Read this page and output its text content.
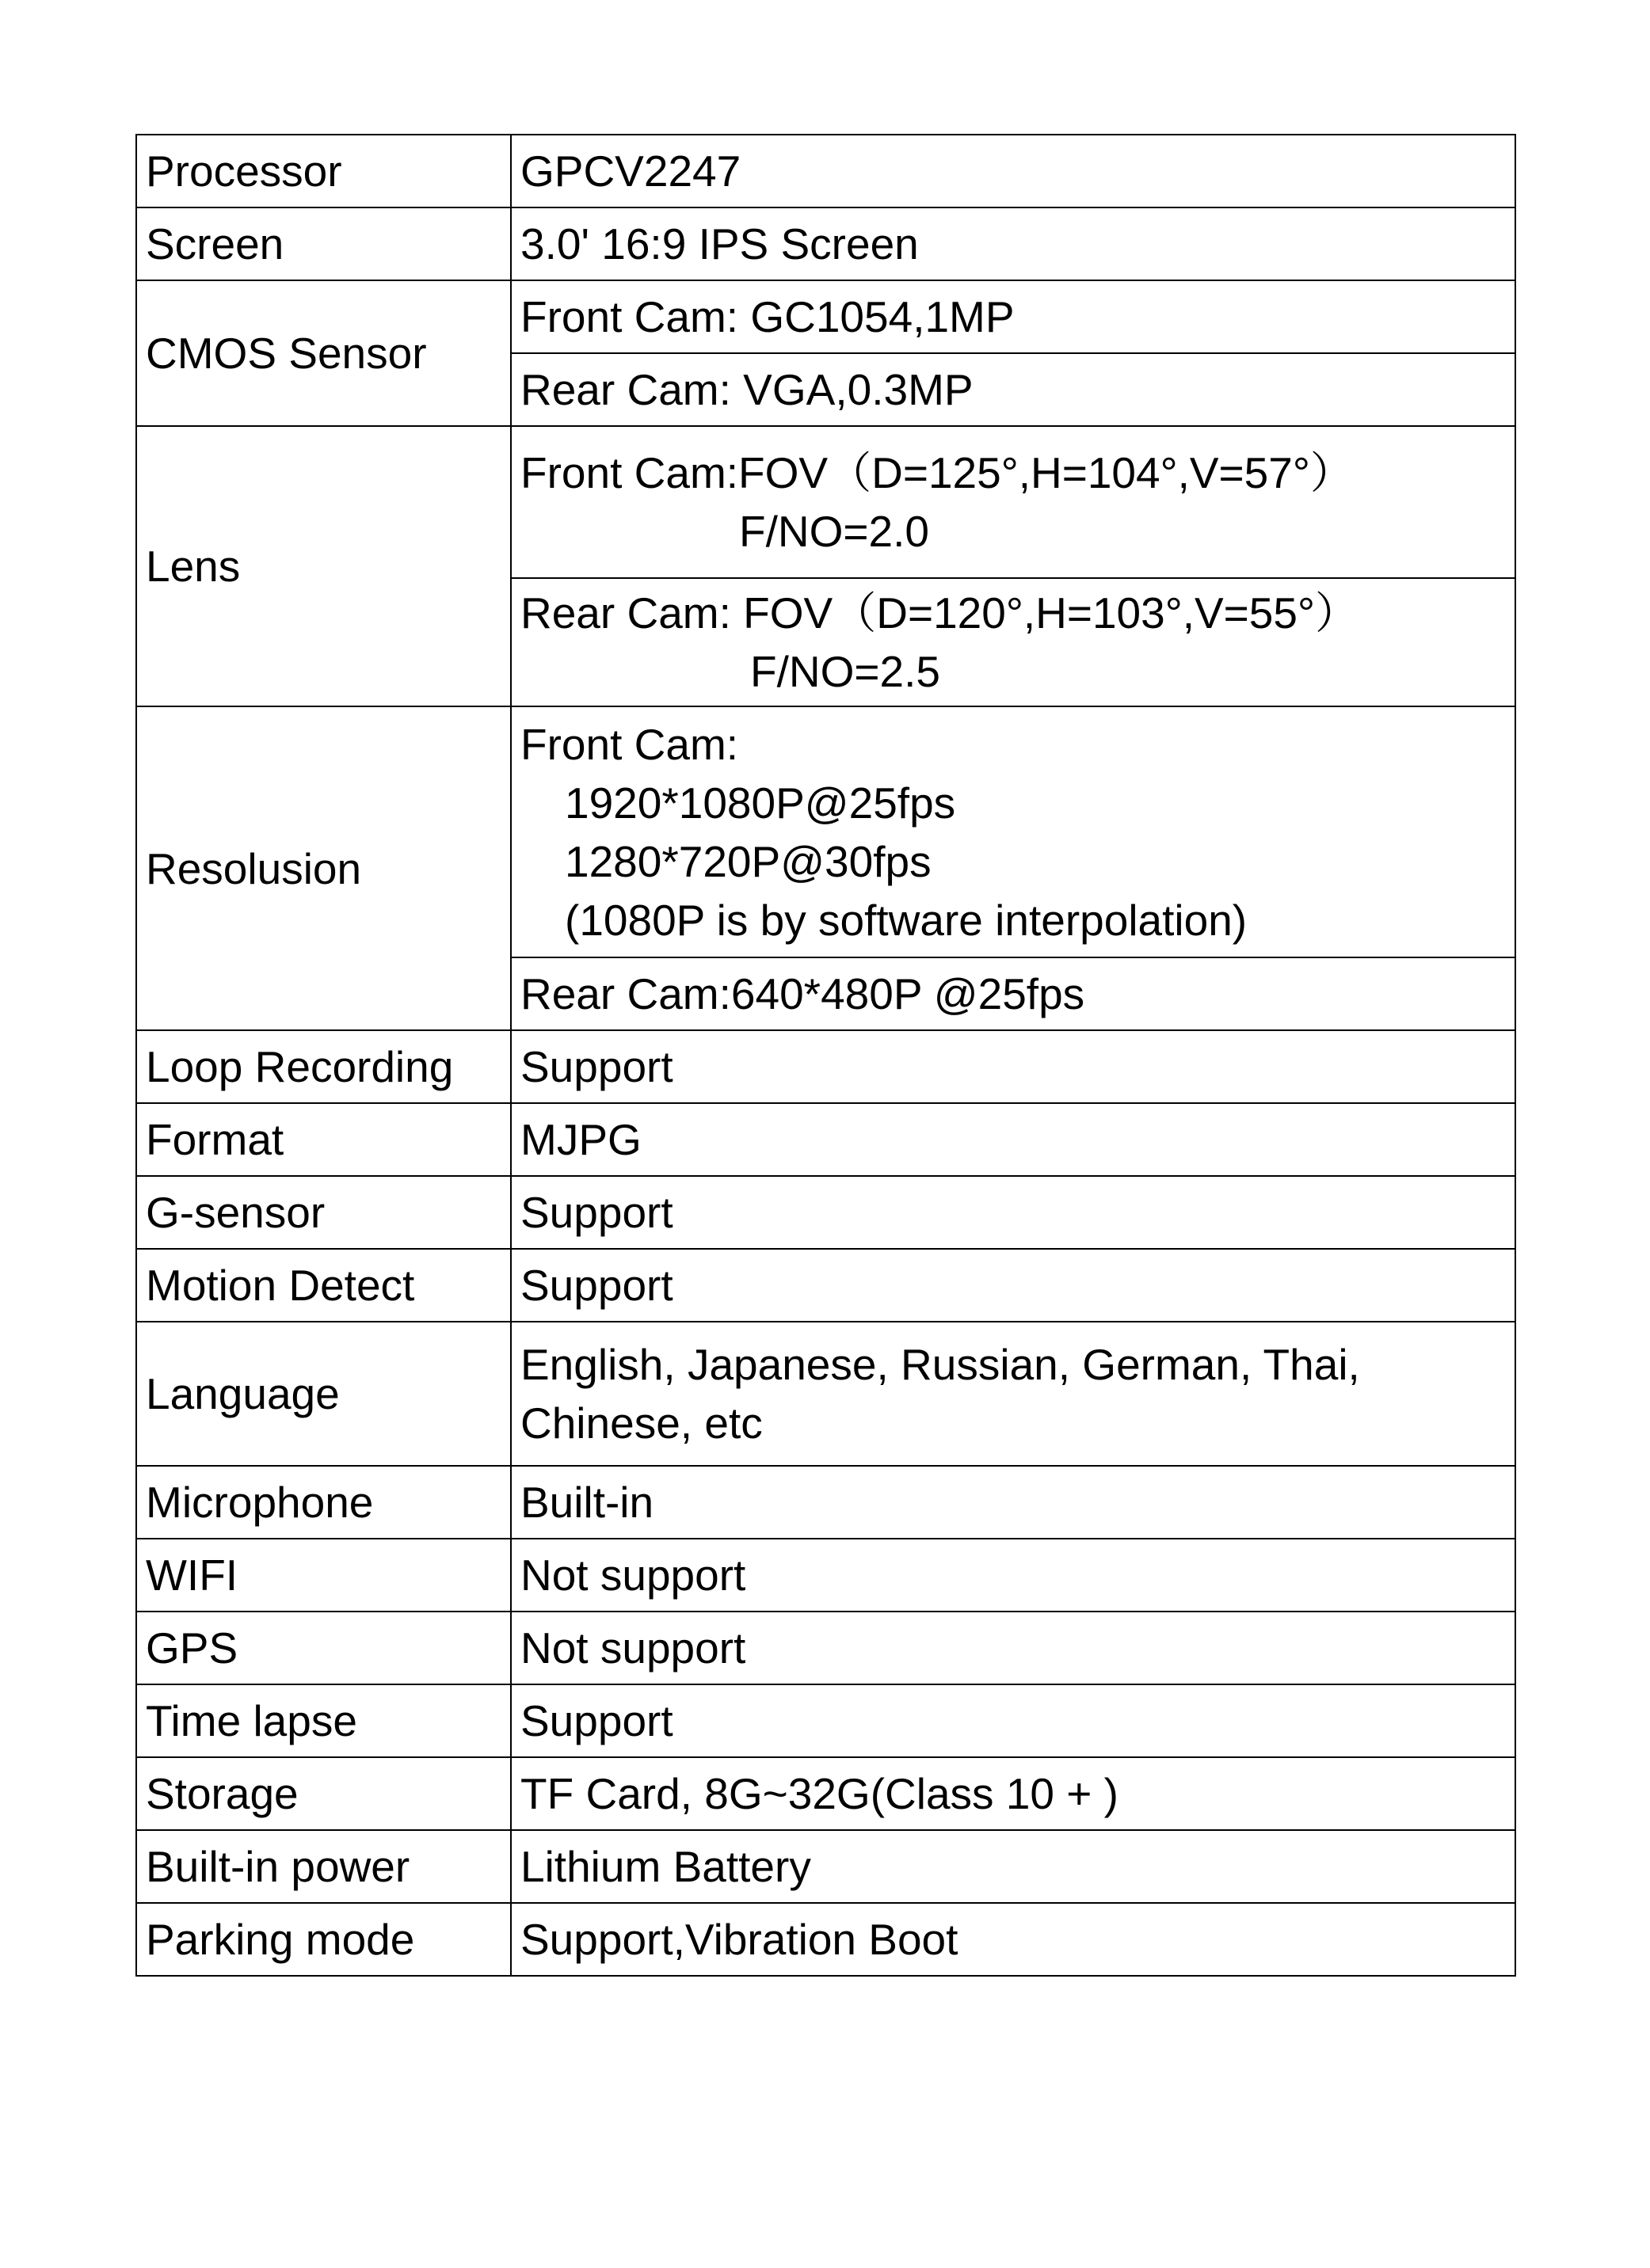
Processor	GPCV2247
Screen	3.0' 16:9 IPS Screen
CMOS Sensor	Front Cam: GC1054,1MP
	Rear Cam: VGA,0.3MP
Lens	Front Cam:FOV（D=125°,H=104°,V=57°）
F/NO=2.0

	Rear Cam: FOV（D=120°,H=103°,V=55°）
F/NO=2.5

Resolusion	Front Cam:
1920*1080P@25fps
1280*720P@30fps
(1080P is by software interpolation)

	Rear Cam:640*480P @25fps
Loop Recording	Support
Format	MJPG
G-sensor	Support
Motion Detect	Support
Language	English, Japanese, Russian, German, Thai,
Chinese, etc

Microphone	Built-in
WIFI	Not support
GPS	Not support
Time lapse	Support
Storage	TF Card, 8G~32G(Class 10 + )
Built-in power	Lithium Battery
Parking mode	Support,Vibration Boot
